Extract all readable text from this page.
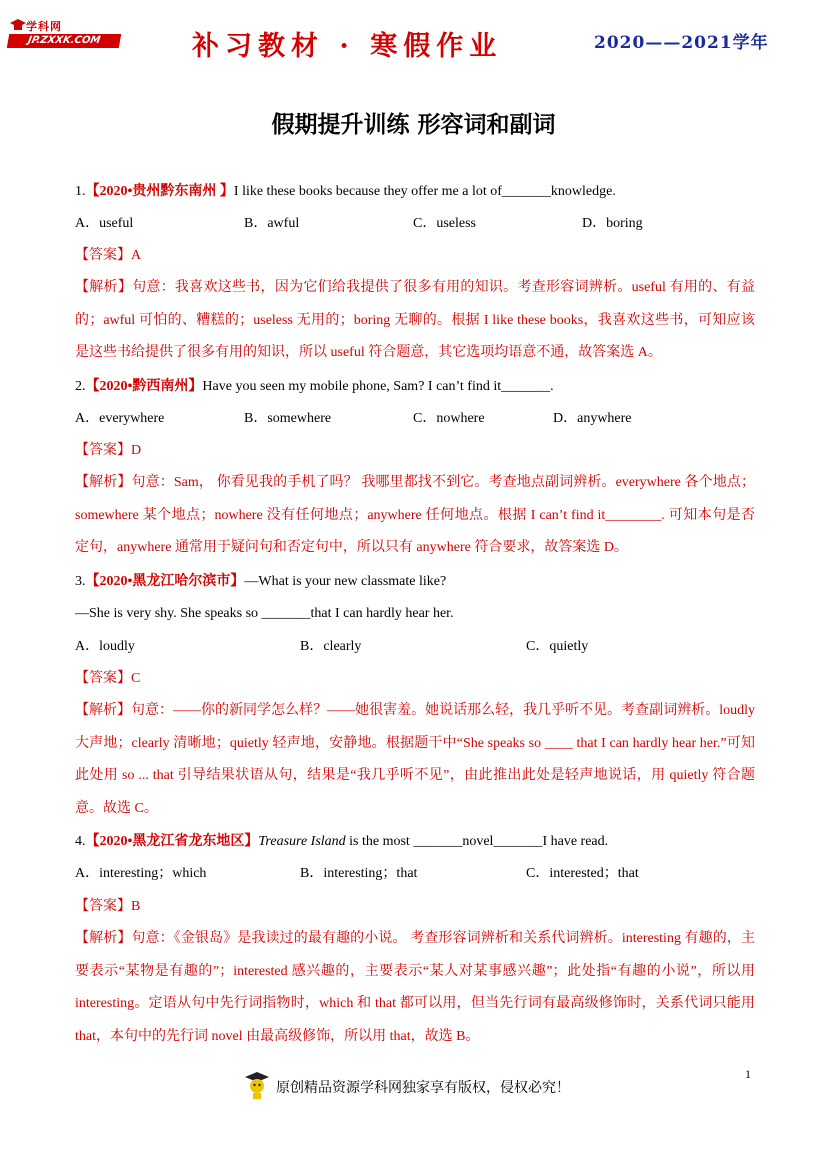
学科网
JP.ZXXK.COM	补习教材 · 寒假作业	2020——2021学年
假期提升训练 形容词和副词
1.【2020•贵州黔东南州 】I like these books because they offer me a lot of_______knowledge.
A．useful	B．awful	C．useless	D．boring
【答案】A
【解析】句意：我喜欢这些书，因为它们给我提供了很多有用的知识。考查形容词辨析。useful 有用的、有益的；awful 可怕的、糟糕的；useless 无用的；boring 无聊的。根据 I like these books，我喜欢这些书，可知应该是这些书给提供了很多有用的知识，所以 useful 符合题意，其它选项均语意不通，故答案选 A。
2.【2020•黔西南州】Have you seen my mobile phone, Sam? I can’t find it_______.
A．everywhere	B．somewhere	C．nowhere	D．anywhere
【答案】D
【解析】句意：Sam， 你看见我的手机了吗？ 我哪里都找不到它。考查地点副词辨析。everywhere 各个地点；somewhere 某个地点；nowhere 没有任何地点；anywhere 任何地点。根据 I can’t find it________. 可知本句是否定句，anywhere 通常用于疑问句和否定句中，所以只有 anywhere 符合要求，故答案选 D。
3.【2020•黑龙江哈尔滨市】—What is your new classmate like?
—She is very shy. She speaks so _______that I can hardly hear her.
A．loudly	B．clearly	C．quietly
【答案】C
【解析】句意：——你的新同学怎么样？——她很害羞。她说话那么轻，我几乎听不见。考查副词辨析。loudly 大声地；clearly 清晰地；quietly 轻声地，安静地。根据题干中“She speaks so ____ that I can hardly hear her.”可知此处用 so ... that 引导结果状语从句，结果是“我几乎听不见”，由此推出此处是轻声地说话，用 quietly 符合题意。故选 C。
4.【2020•黑龙江省龙东地区】Treasure Island is the most _______novel_______I have read.
A．interesting；which	B．interesting；that	C．interested；that
【答案】B
【解析】句意：《金银岛》是我读过的最有趣的小说。 考查形容词辨析和关系代词辨析。interesting 有趣的，主要表示“某物是有趣的”；interested 感兴趣的，主要表示“某人对某事感兴趣”；此处指“有趣的小说”，所以用 interesting。定语从句中先行词指物时，which 和 that 都可以用，但当先行词有最高级修饰时，关系代词只能用 that，本句中的先行词 novel 由最高级修饰，所以用 that，故选 B。
1
原创精品资源学科网独家享有版权，侵权必究！
